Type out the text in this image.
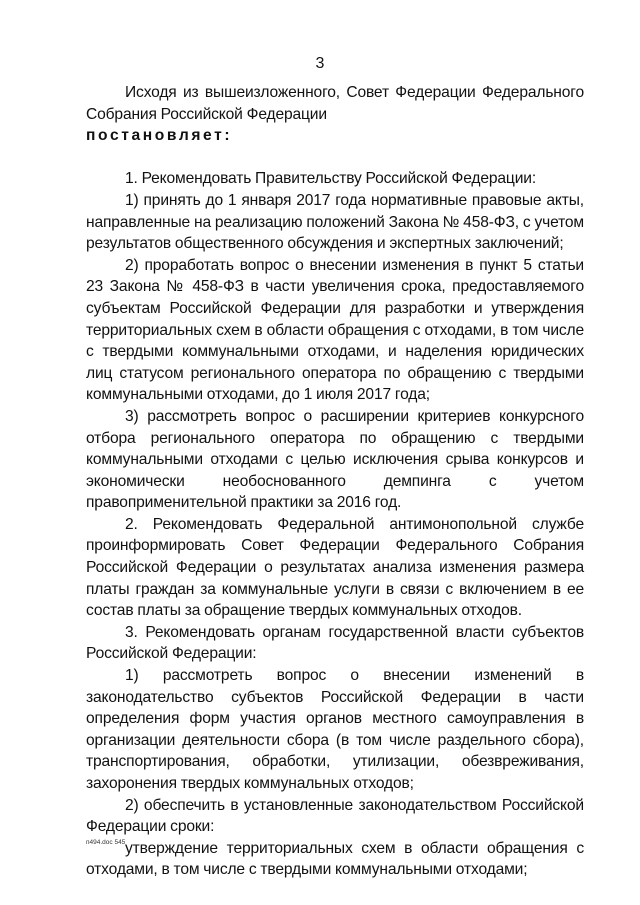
3

Исходя из вышеизложенного, Совет Федерации Федерального Собрания Российской Федерации
постановляет:

1. Рекомендовать Правительству Российской Федерации:

1) принять до 1 января 2017 года нормативные правовые акты, направленные на реализацию положений Закона № 458-ФЗ, с учетом результатов общественного обсуждения и экспертных заключений;

2) проработать вопрос о внесении изменения в пункт 5 статьи 23 Закона № 458-ФЗ в части увеличения срока, предоставляемого субъектам Российской Федерации для разработки и утверждения территориальных схем в области обращения с отходами, в том числе с твердыми коммунальными отходами, и наделения юридических лиц статусом регионального оператора по обращению с твердыми коммунальными отходами, до 1 июля 2017 года;

3) рассмотреть вопрос о расширении критериев конкурсного отбора регионального оператора по обращению с твердыми коммунальными отходами с целью исключения срыва конкурсов и экономически необоснованного демпинга с учетом правоприменительной практики за 2016 год.

2. Рекомендовать Федеральной антимонопольной службе проинформировать Совет Федерации Федерального Собрания Российской Федерации о результатах анализа изменения размера платы граждан за коммунальные услуги в связи с включением в ее состав платы за обращение твердых коммунальных отходов.

3. Рекомендовать органам государственной власти субъектов Российской Федерации:

1) рассмотреть вопрос о внесении изменений в законодательство субъектов Российской Федерации в части определения форм участия органов местного самоуправления в организации деятельности сбора (в том числе раздельного сбора), транспортирования, обработки, утилизации, обезвреживания, захоронения твердых коммунальных отходов;

2) обеспечить в установленные законодательством Российской Федерации сроки:

утверждение территориальных схем в области обращения с отходами, в том числе с твердыми коммунальными отходами;

п494.doc 545
